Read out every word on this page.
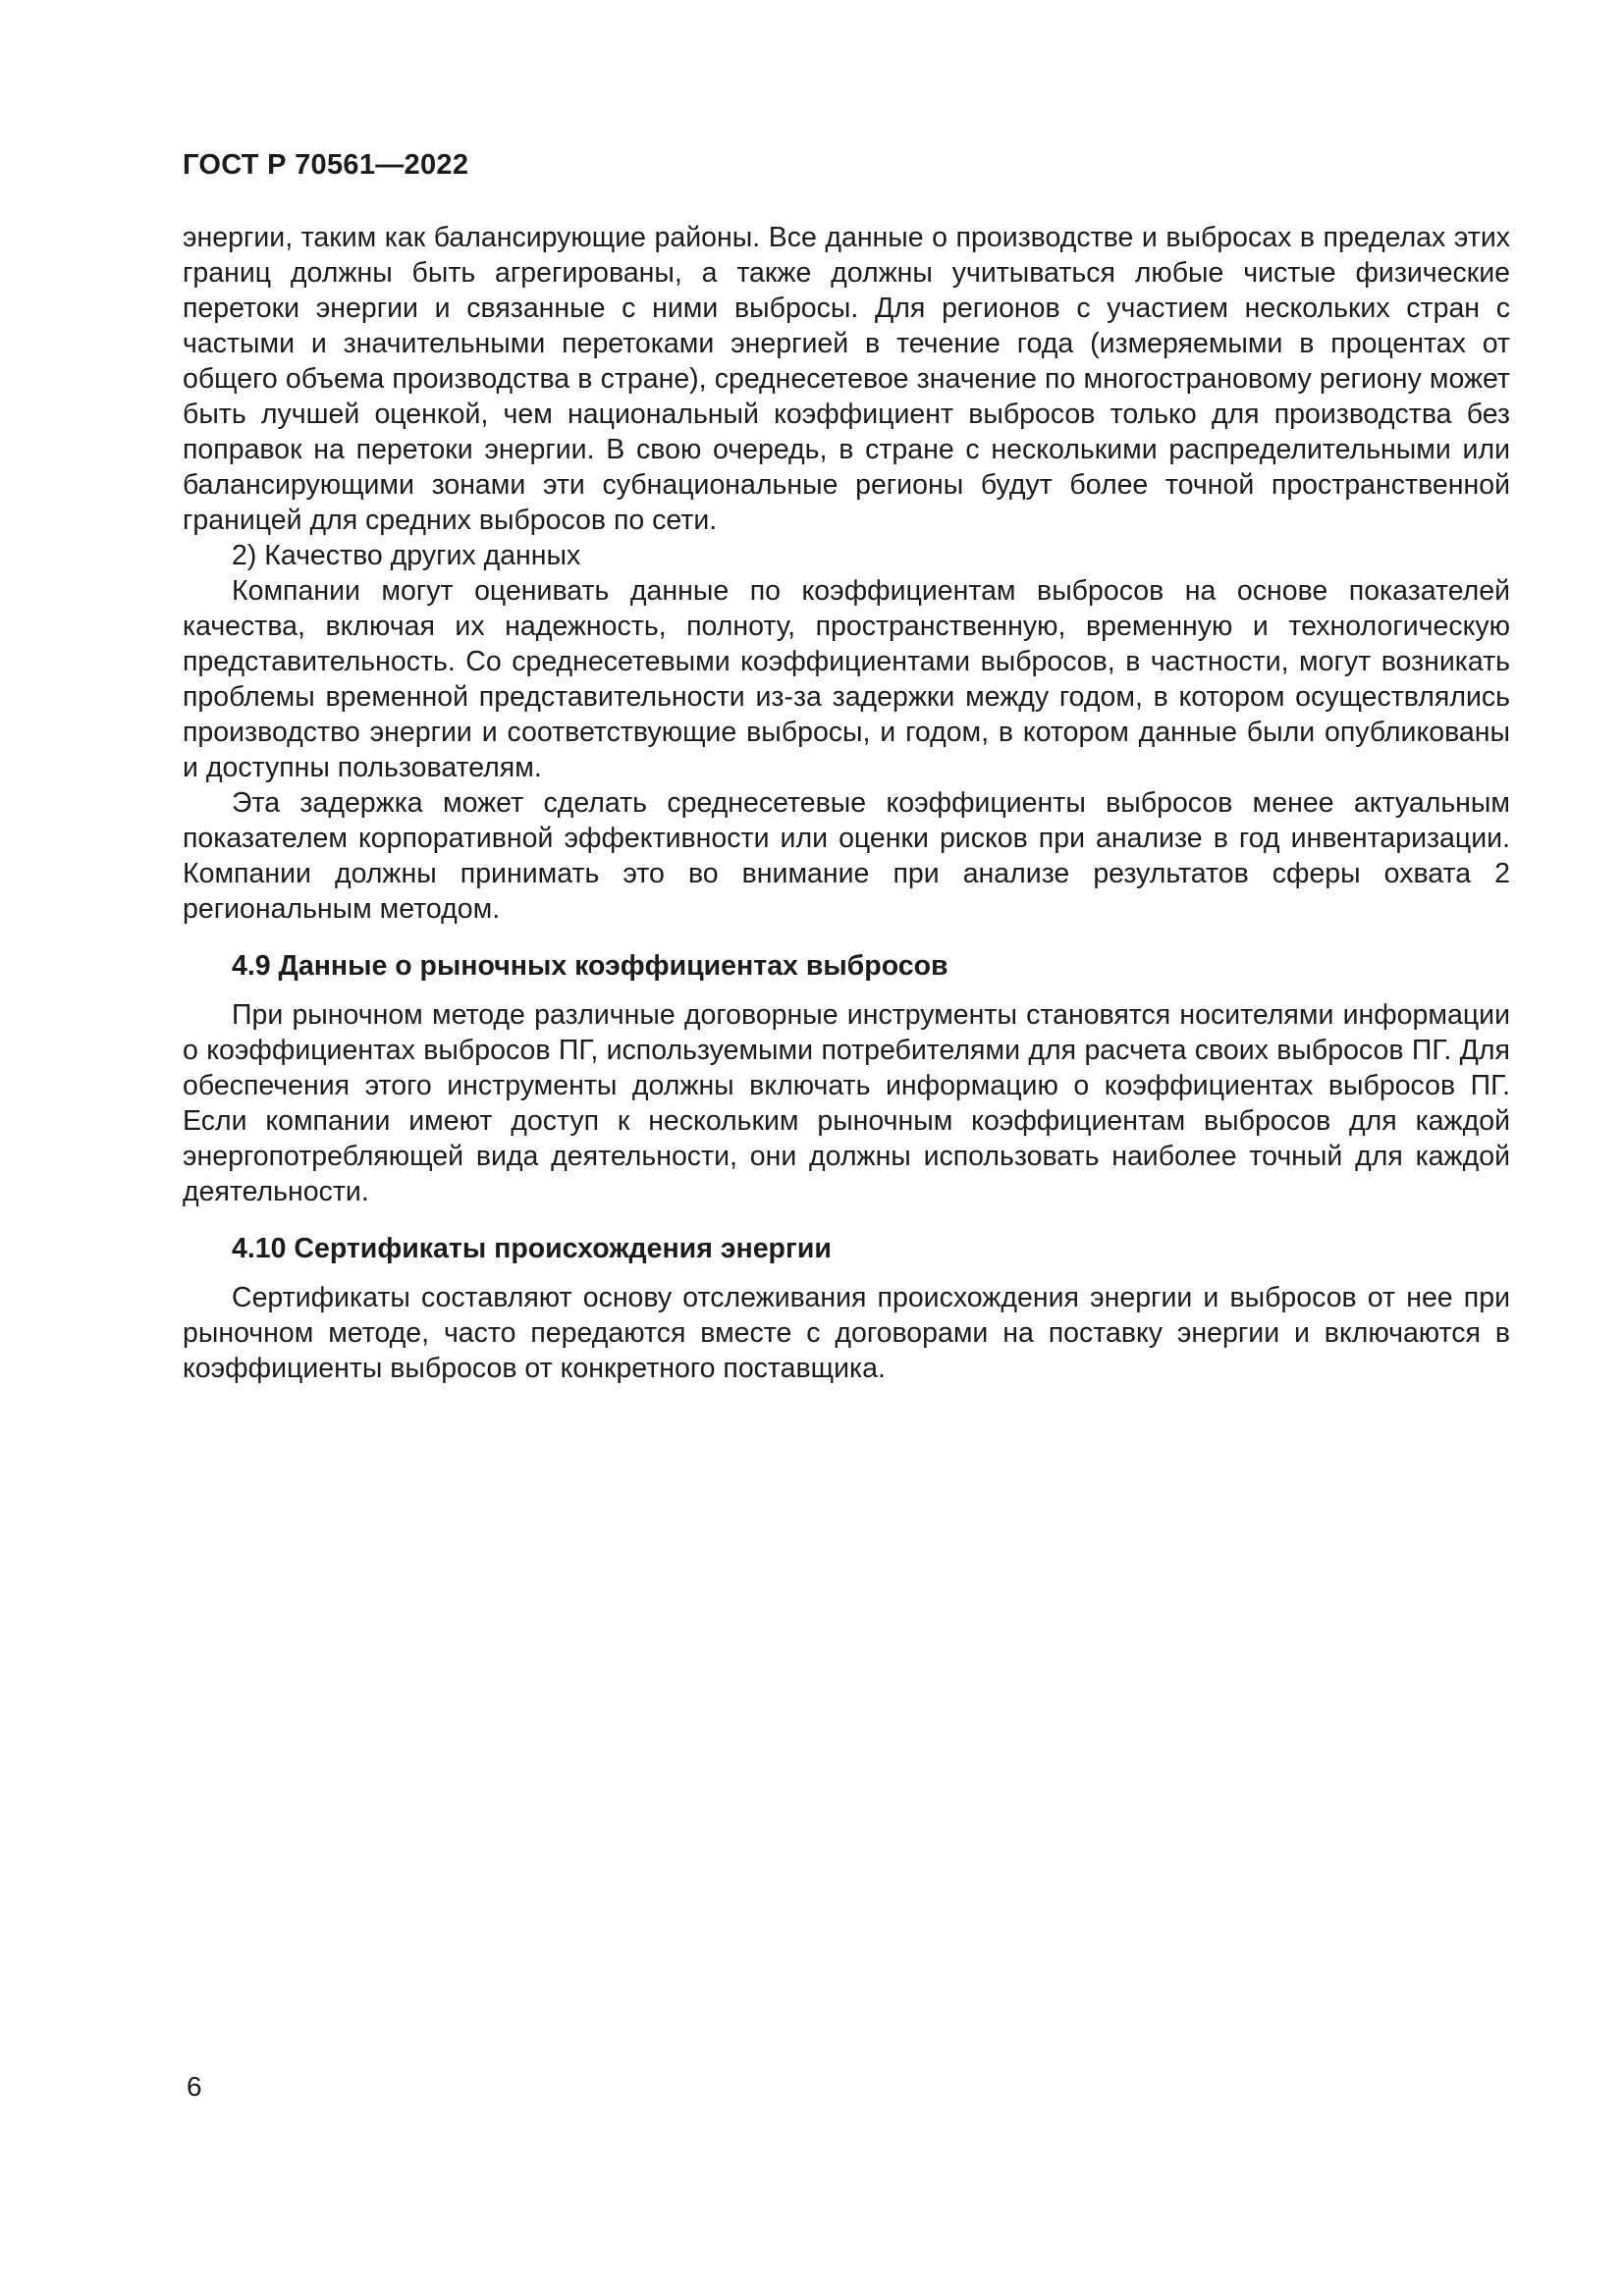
ГОСТ Р 70561—2022

энергии, таким как балансирующие районы. Все данные о производстве и выбросах в пределах этих границ должны быть агрегированы, а также должны учитываться любые чистые физические перетоки энергии и связанные с ними выбросы. Для регионов с участием нескольких стран с частыми и значительными перетоками энергией в течение года (измеряемыми в процентах от общего объема производства в стране), среднесетевое значение по многострановому региону может быть лучшей оценкой, чем национальный коэффициент выбросов только для производства без поправок на перетоки энергии. В свою очередь, в стране с несколькими распределительными или балансирующими зонами эти субнациональные регионы будут более точной пространственной границей для средних выбросов по сети.

2) Качество других данных

Компании могут оценивать данные по коэффициентам выбросов на основе показателей качества, включая их надежность, полноту, пространственную, временную и технологическую представительность. Со среднесетевыми коэффициентами выбросов, в частности, могут возникать проблемы временной представительности из-за задержки между годом, в котором осуществлялись производство энергии и соответствующие выбросы, и годом, в котором данные были опубликованы и доступны пользователям.

Эта задержка может сделать среднесетевые коэффициенты выбросов менее актуальным показателем корпоративной эффективности или оценки рисков при анализе в год инвентаризации. Компании должны принимать это во внимание при анализе результатов сферы охвата 2 региональным методом.

4.9 Данные о рыночных коэффициентах выбросов

При рыночном методе различные договорные инструменты становятся носителями информации о коэффициентах выбросов ПГ, используемыми потребителями для расчета своих выбросов ПГ. Для обеспечения этого инструменты должны включать информацию о коэффициентах выбросов ПГ. Если компании имеют доступ к нескольким рыночным коэффициентам выбросов для каждой энергопотребляющей вида деятельности, они должны использовать наиболее точный для каждой деятельности.

4.10 Сертификаты происхождения энергии

Сертификаты составляют основу отслеживания происхождения энергии и выбросов от нее при рыночном методе, часто передаются вместе с договорами на поставку энергии и включаются в коэффициенты выбросов от конкретного поставщика.

6
